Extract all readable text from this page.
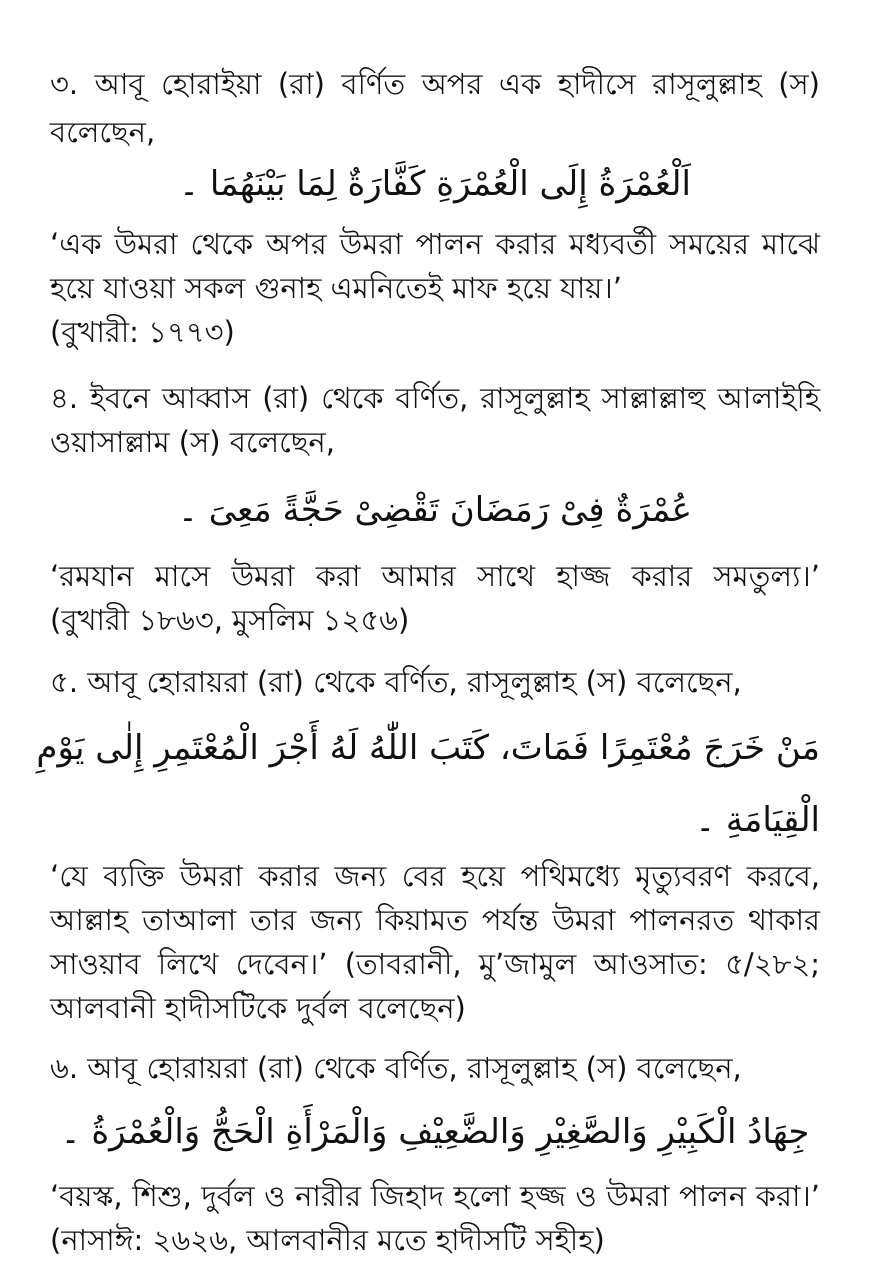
৩. আবূ হোরাইয়া (রা) বর্ণিত অপর এক হাদীসে রাসূলুল্লাহ (স)
বলেছেন,
اَلْعُمْرَةُ إِلَى الْعُمْرَةِ كَفَّارَةٌ لِمَا بَيْنَهُمَا ۔
‘এক উমরা থেকে অপর উমরা পালন করার মধ্যবর্তী সময়ের মাঝে
হয়ে যাওয়া সকল গুনাহ এমনিতেই মাফ হয়ে যায়।’
(বুখারী: ১৭৭৩)
৪. ইবনে আব্বাস (রা) থেকে বর্ণিত, রাসূলুল্লাহ সাল্লাল্লাহু আলাইহি
ওয়াসাল্লাম (স) বলেছেন,
عُمْرَةٌ فِىْ رَمَضَانَ تَقْضِىْ حَجَّةً مَعِىَ ۔
‘রমযান মাসে উমরা করা আমার সাথে হাজ্জ করার সমতুল্য।’
(বুখারী ১৮৬৩, মুসলিম ১২৫৬)
৫. আবূ হোরায়রা (রা) থেকে বর্ণিত, রাসূলুল্লাহ (স) বলেছেন,
مَنْ خَرَجَ مُعْتَمِرًا فَمَاتَ، كَتَبَ اللّٰهُ لَهُ أَجْرَ الْمُعْتَمِرِ إِلٰى يَوْمِ
الْقِيَامَةِ ۔
‘যে ব্যক্তি উমরা করার জন্য বের হয়ে পথিমধ্যে মৃত্যুবরণ করবে,
আল্লাহ তাআলা তার জন্য কিয়ামত পর্যন্ত উমরা পালনরত থাকার
সাওয়াব লিখে দেবেন।’ (তাবরানী, মু’জামুল আওসাত: ৫/২৮২;
আলবানী হাদীসটিকে দুর্বল বলেছেন)
৬. আবূ হোরায়রা (রা) থেকে বর্ণিত, রাসূলুল্লাহ (স) বলেছেন,
جِهَادُ الْكَبِيْرِ وَالصَّغِيْرِ وَالضَّعِيْفِ وَالْمَرْأَةِ الْحَجُّ وَالْعُمْرَةُ ۔
‘বয়স্ক, শিশু, দুর্বল ও নারীর জিহাদ হলো হজ্জ ও উমরা পালন করা।’
(নাসাঈ: ২৬২৬, আলবানীর মতে হাদীসটি সহীহ)
